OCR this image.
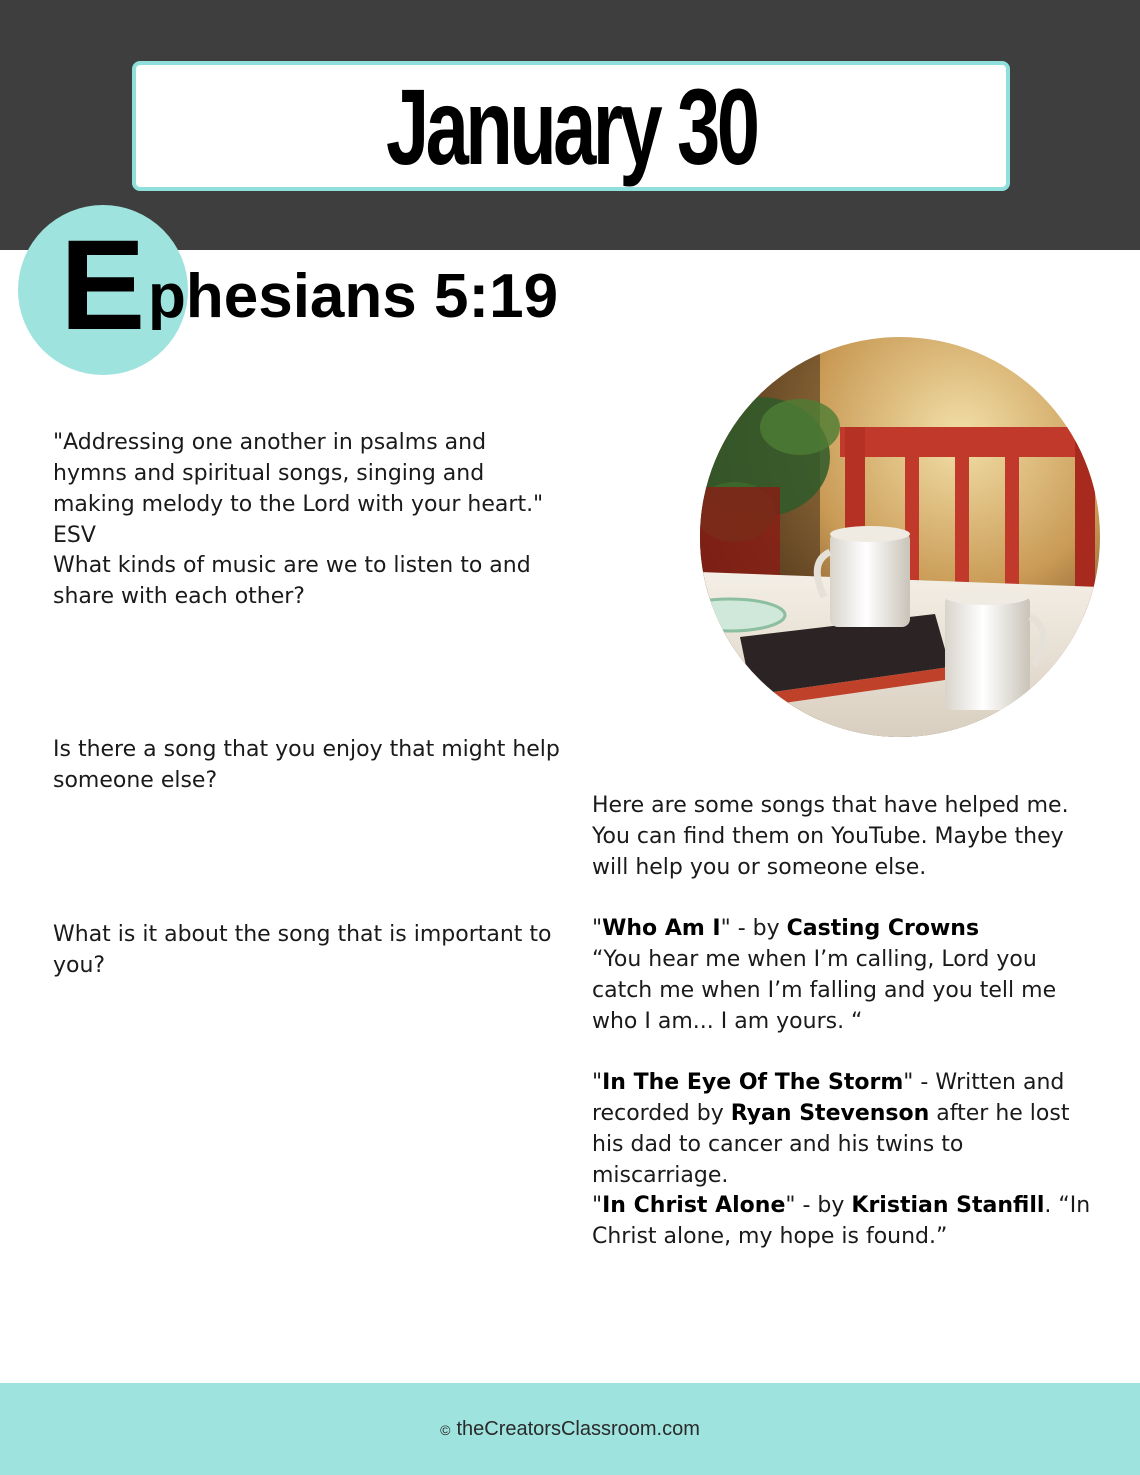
January 30
E phesians 5:19

"Addressing one another in psalms and hymns and spiritual songs, singing and making melody to the Lord with your heart." ESV

What kinds of music are we to listen to and share with each other?

Is there a song that you enjoy that might help someone else?

What is it about the song that is important to you?

Here are some songs that have helped me. You can find them on YouTube. Maybe they will help you or someone else.

"Who Am I" - by Casting Crowns
“You hear me when I’m calling, Lord you catch me when I’m falling and you tell me who I am... I am yours. “

"In The Eye Of The Storm" - Written and recorded by Ryan Stevenson after he lost his dad to cancer and his twins to miscarriage.

"In Christ Alone" - by Kristian Stanfill. “In Christ alone, my hope is found.”

© theCreatorsClassroom.com
